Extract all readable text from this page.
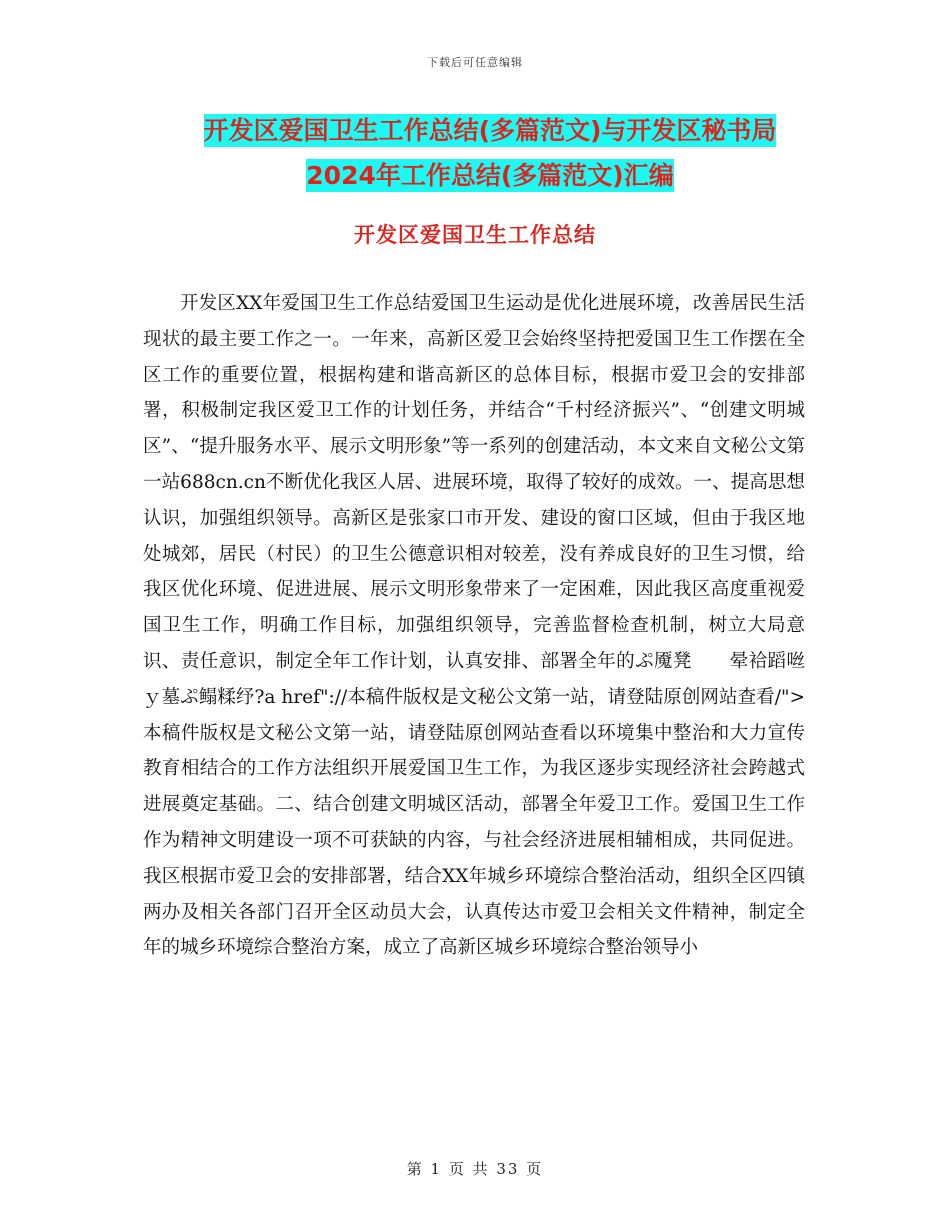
下载后可任意编辑
开发区爱国卫生工作总结(多篇范文)与开发区秘书局
2024年工作总结(多篇范文)汇编
开发区爱国卫生工作总结

开发区XX年爱国卫生工作总结爱国卫生运动是优化进展环境，改善居民生活现状的最主要工作之一。一年来，高新区爱卫会始终坚持把爱国卫生工作摆在全区工作的重要位置，根据构建和谐高新区的总体目标，根据市爱卫会的安排部署，积极制定我区爱卫工作的计划任务，并结合“千村经济振兴”、“创建文明城区”、“提升服务水平、展示文明形象”等一系列的创建活动，本文来自文秘公文第一站688cn.cn不断优化我区人居、进展环境，取得了较好的成效。一、提高思想认识，加强组织领导。高新区是张家口市开发、建设的窗口区域，但由于我区地处城郊，居民（村民）的卫生公德意识相对较差，没有养成良好的卫生习惯，给我区优化环境、促进进展、展示文明形象带来了一定困难，因此我区高度重视爱国卫生工作，明确工作目标，加强组织领导，完善监督检查机制，树立大局意识、责任意识，制定全年工作计划，认真安排、部署全年的ぷ魇凳　　晕袷蹈咝ｙ墓ぷ鳎糅纾?a href"://本稿件版权是文秘公文第一站，请登陆原创网站查看/">本稿件版权是文秘公文第一站，请登陆原创网站查看以环境集中整治和大力宣传教育相结合的工作方法组织开展爱国卫生工作，为我区逐步实现经济社会跨越式进展奠定基础。二、结合创建文明城区活动，部署全年爱卫工作。爱国卫生工作作为精神文明建设一项不可获缺的内容，与社会经济进展相辅相成，共同促进。我区根据市爱卫会的安排部署，结合XX年城乡环境综合整治活动，组织全区四镇两办及相关各部门召开全区动员大会，认真传达市爱卫会相关文件精神，制定全年的城乡环境综合整治方案，成立了高新区城乡环境综合整治领导小

第 1 页 共 33 页
